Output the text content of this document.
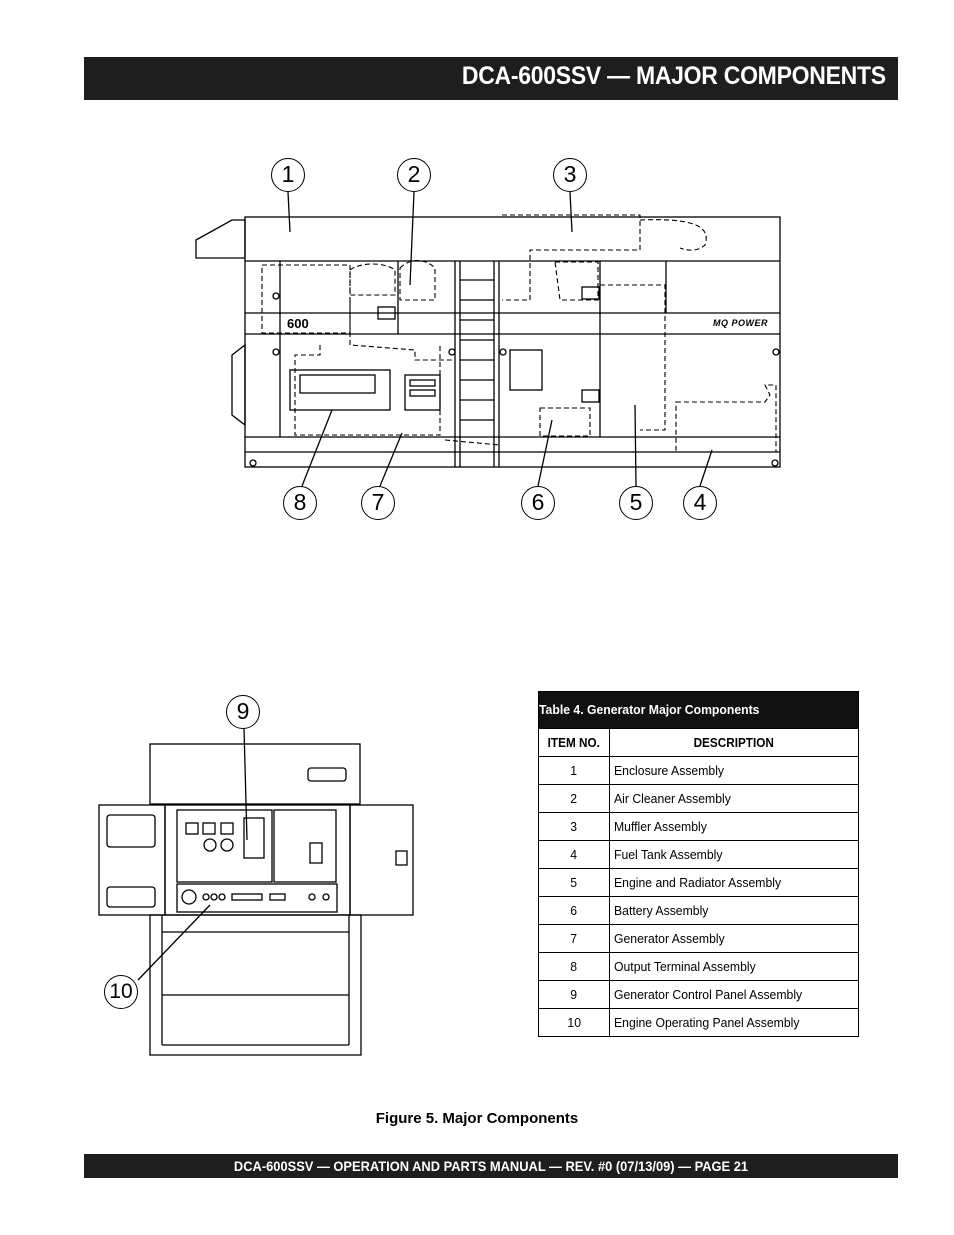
DCA-600SSV — MAJOR COMPONENTS
600	MQ POWER
1	2	3
4
5
6
7
8
9
10
Table 4. Generator Major Components	
ITEM NO.	DESCRIPTION
1	Enclosure Assembly
2	Air Cleaner Assembly
3	Muffler Assembly
4	Fuel Tank Assembly
5	Engine and Radiator Assembly
6	Battery Assembly
7	Generator Assembly
8	Output Terminal Assembly
9	Generator Control Panel Assembly
10	Engine Operating Panel Assembly
Figure 5. Major Components
DCA-600SSV — OPERATION AND PARTS MANUAL — REV. #0 (07/13/09) — PAGE 21
